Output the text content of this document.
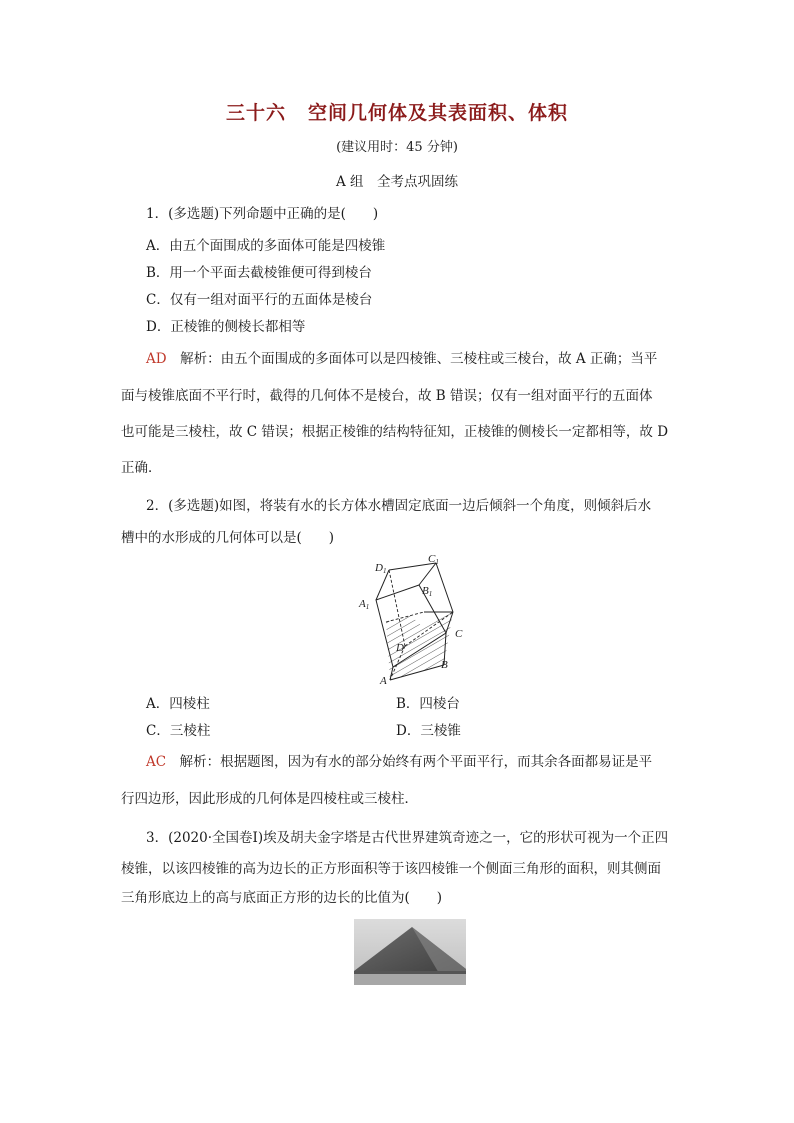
三十六 空间几何体及其表面积、体积
(建议用时：45 分钟)
A 组　全考点巩固练
1．(多选题)下列命题中正确的是(　　)
A．由五个面围成的多面体可能是四棱锥
B．用一个平面去截棱锥便可得到棱台
C．仅有一组对面平行的五面体是棱台
D．正棱锥的侧棱长都相等
AD　 解析：由五个面围成的多面体可以是四棱锥、三棱柱或三棱台，故 A 正确；当平
面与棱锥底面不平行时，截得的几何体不是棱台，故 B 错误；仅有一组对面平行的五面体
也可能是三棱柱，故 C 错误；根据正棱锥的结构特征知，正棱锥的侧棱长一定都相等，故 D
正确．
2．(多选题)如图，将装有水的长方体水槽固定底面一边后倾斜一个角度，则倾斜后水
槽中的水形成的几何体可以是(　　)
D1
C1
A1
B1
C
D
B
A
A．四棱柱	B．四棱台
C．三棱柱	D．三棱锥
AC　 解析：根据题图，因为有水的部分始终有两个平面平行，而其余各面都易证是平
行四边形，因此形成的几何体是四棱柱或三棱柱．
3．(2020·全国卷Ⅰ)埃及胡夫金字塔是古代世界建筑奇迹之一，它的形状可视为一个正四
棱锥，以该四棱锥的高为边长的正方形面积等于该四棱锥一个侧面三角形的面积，则其侧面
三角形底边上的高与底面正方形的边长的比值为(　　)
